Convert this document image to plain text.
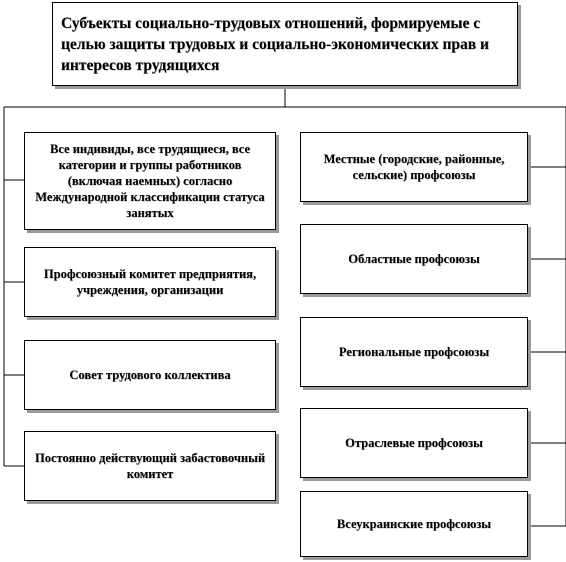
Субъекты социально-трудовых отношений, формируемые с целью защиты трудовых и социально-экономических прав и интересов трудящихся
Все индивиды, все трудящиеся, все категории и группы работников (включая наемных) согласно Международной классификации статуса занятых
Профсоюзный комитет предприятия, учреждения, организации
Совет трудового коллектива
Постоянно действующий забастовочный комитет
Местные (городские, районные, сельские) профсоюзы
Областные профсоюзы
Региональные профсоюзы
Отраслевые профсоюзы
Всеукраинские профсоюзы
